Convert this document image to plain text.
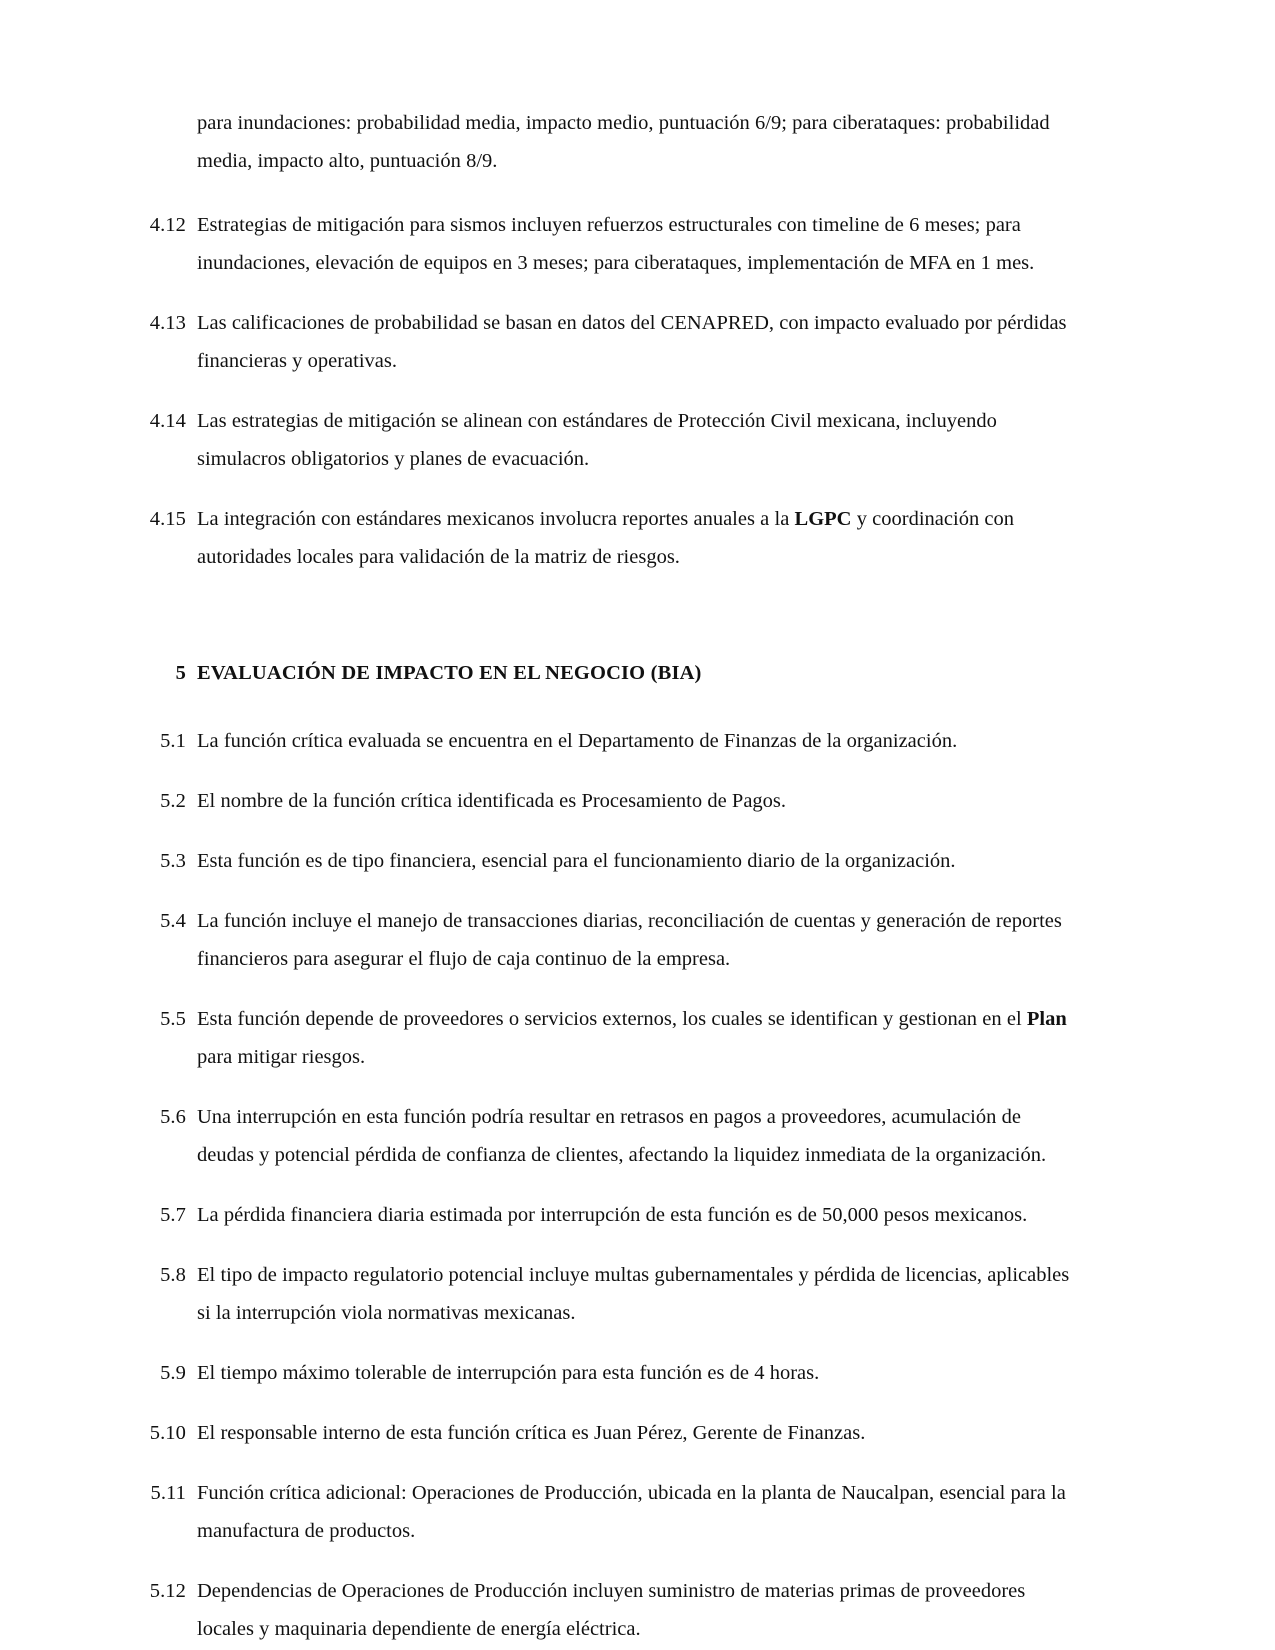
para inundaciones: probabilidad media, impacto medio, puntuación 6/9; para ciberataques: probabilidad media, impacto alto, puntuación 8/9.
4.12 Estrategias de mitigación para sismos incluyen refuerzos estructurales con timeline de 6 meses; para inundaciones, elevación de equipos en 3 meses; para ciberataques, implementación de MFA en 1 mes.
4.13 Las calificaciones de probabilidad se basan en datos del CENAPRED, con impacto evaluado por pérdidas financieras y operativas.
4.14 Las estrategias de mitigación se alinean con estándares de Protección Civil mexicana, incluyendo simulacros obligatorios y planes de evacuación.
4.15 La integración con estándares mexicanos involucra reportes anuales a la LGPC y coordinación con autoridades locales para validación de la matriz de riesgos.
5 EVALUACIÓN DE IMPACTO EN EL NEGOCIO (BIA)
5.1 La función crítica evaluada se encuentra en el Departamento de Finanzas de la organización.
5.2 El nombre de la función crítica identificada es Procesamiento de Pagos.
5.3 Esta función es de tipo financiera, esencial para el funcionamiento diario de la organización.
5.4 La función incluye el manejo de transacciones diarias, reconciliación de cuentas y generación de reportes financieros para asegurar el flujo de caja continuo de la empresa.
5.5 Esta función depende de proveedores o servicios externos, los cuales se identifican y gestionan en el Plan para mitigar riesgos.
5.6 Una interrupción en esta función podría resultar en retrasos en pagos a proveedores, acumulación de deudas y potencial pérdida de confianza de clientes, afectando la liquidez inmediata de la organización.
5.7 La pérdida financiera diaria estimada por interrupción de esta función es de 50,000 pesos mexicanos.
5.8 El tipo de impacto regulatorio potencial incluye multas gubernamentales y pérdida de licencias, aplicables si la interrupción viola normativas mexicanas.
5.9 El tiempo máximo tolerable de interrupción para esta función es de 4 horas.
5.10 El responsable interno de esta función crítica es Juan Pérez, Gerente de Finanzas.
5.11 Función crítica adicional: Operaciones de Producción, ubicada en la planta de Naucalpan, esencial para la manufactura de productos.
5.12 Dependencias de Operaciones de Producción incluyen suministro de materias primas de proveedores locales y maquinaria dependiente de energía eléctrica.
